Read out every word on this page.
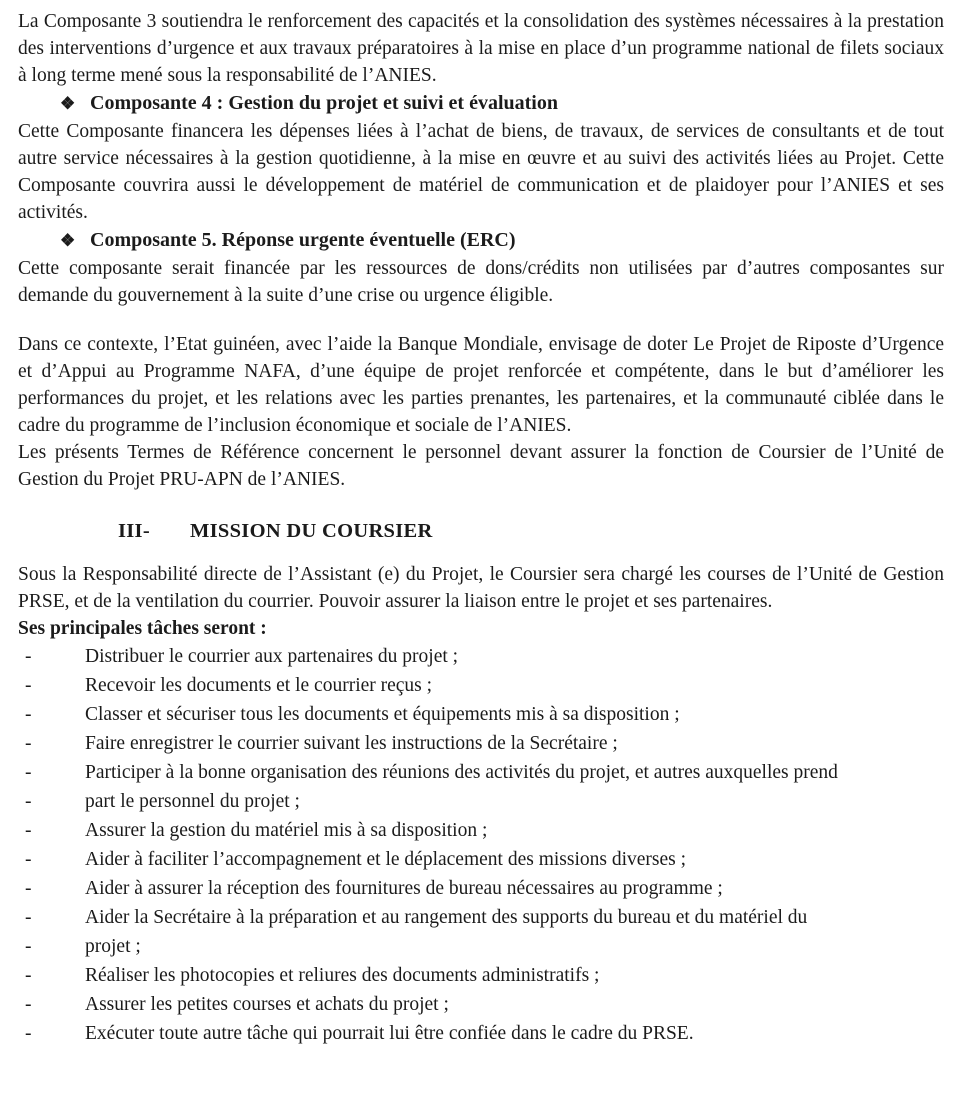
La Composante 3 soutiendra le renforcement des capacités et la consolidation des systèmes nécessaires à la prestation des interventions d’urgence et aux travaux préparatoires à la mise en place d’un programme national de filets sociaux à long terme mené sous la responsabilité de l’ANIES.

❖ Composante 4 : Gestion du projet et suivi et évaluation

Cette Composante financera les dépenses liées à l’achat de biens, de travaux, de services de consultants et de tout autre service nécessaires à la gestion quotidienne, à la mise en œuvre et au suivi des activités liées au Projet. Cette Composante couvrira aussi le développement de matériel de communication et de plaidoyer pour l’ANIES et ses activités.

❖ Composante 5. Réponse urgente éventuelle (ERC)

Cette composante serait financée par les ressources de dons/crédits non utilisées par d’autres composantes sur demande du gouvernement à la suite d’une crise ou urgence éligible.

Dans ce contexte, l’Etat guinéen, avec l’aide la Banque Mondiale, envisage de doter Le Projet de Riposte d’Urgence et d’Appui au Programme NAFA, d’une équipe de projet renforcée et compétente, dans le but d’améliorer les performances du projet, et les relations avec les parties prenantes, les partenaires, et la communauté ciblée dans le cadre du programme de l’inclusion économique et sociale de l’ANIES.

Les présents Termes de Référence concernent le personnel devant assurer la fonction de Coursier de l’Unité de Gestion du Projet PRU-APN de l’ANIES.

III- MISSION DU COURSIER

Sous la Responsabilité directe de l’Assistant (e) du Projet, le Coursier sera chargé les courses de l’Unité de Gestion PRSE, et de la ventilation du courrier. Pouvoir assurer la liaison entre le projet et ses partenaires.

Ses principales tâches seront :

-	Distribuer le courrier aux partenaires du projet ;
-	Recevoir les documents et le courrier reçus ;
-	Classer et sécuriser tous les documents et équipements mis à sa disposition ;
-	Faire enregistrer le courrier suivant les instructions de la Secrétaire ;
-	Participer à la bonne organisation des réunions des activités du projet, et autres auxquelles prend
-	part le personnel du projet ;
-	Assurer la gestion du matériel mis à sa disposition ;
-	Aider à faciliter l’accompagnement et le déplacement des missions diverses ;
-	Aider à assurer la réception des fournitures de bureau nécessaires au programme ;
-	Aider la Secrétaire à la préparation et au rangement des supports du bureau et du matériel du
-	projet ;
-	Réaliser les photocopies et reliures des documents administratifs ;
-	Assurer les petites courses et achats du projet ;
-	Exécuter toute autre tâche qui pourrait lui être confiée dans le cadre du PRSE.
